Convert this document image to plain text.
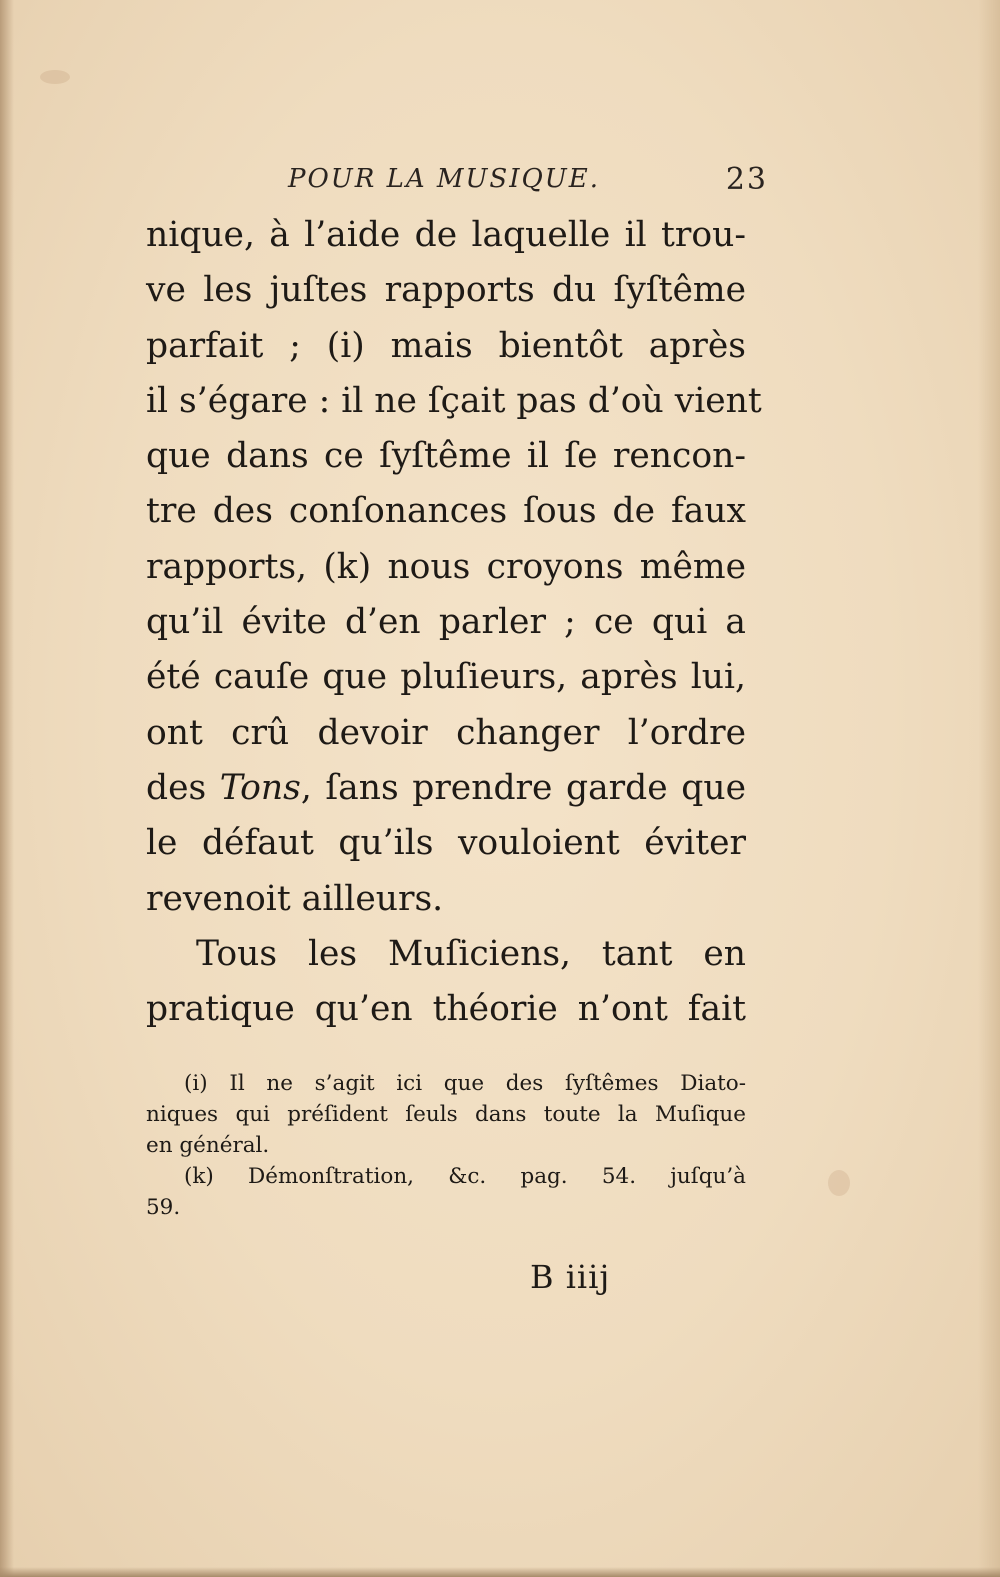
POUR LA MUSIQUE.	23
nique, à l’aide de laquelle il trou-
ve les juſtes rapports du ſyſtême
parfait ; (i) mais bientôt après
il s’égare : il ne ſçait pas d’où vient
que dans ce ſyſtême il ſe rencon-
tre des conſonances ſous de faux
rapports, (k) nous croyons même
qu’il évite d’en parler ; ce qui a
été cauſe que pluſieurs, après lui,
ont crû devoir changer l’ordre
des Tons, ſans prendre garde que
le défaut qu’ils vouloient éviter
revenoit ailleurs.
Tous les Muſiciens, tant en
pratique qu’en théorie n’ont fait
(i) Il ne s’agit ici que des ſyſtêmes Diato-
niques qui préſident ſeuls dans toute la Muſique
en général.
(k) Démonſtration, &c. pag. 54. juſqu’à
59.
B iiij
